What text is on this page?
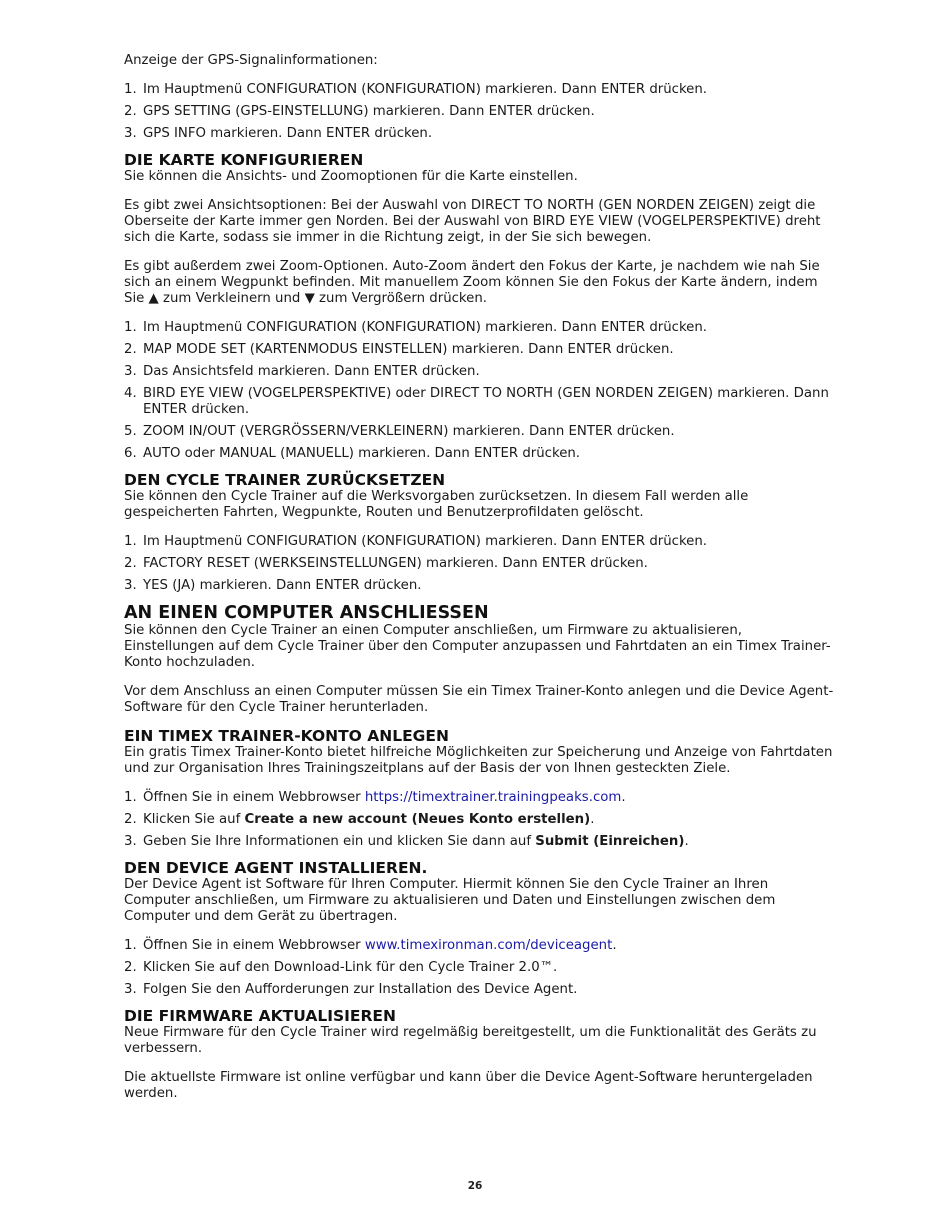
Anzeige der GPS-Signalinformationen:

1. Im Hauptmenü CONFIGURATION (KONFIGURATION) markieren. Dann ENTER drücken.
2. GPS SETTING (GPS-EINSTELLUNG) markieren. Dann ENTER drücken.
3. GPS INFO markieren. Dann ENTER drücken.
DIE KARTE KONFIGURIEREN

Sie können die Ansichts- und Zoomoptionen für die Karte einstellen.

Es gibt zwei Ansichtsoptionen: Bei der Auswahl von DIRECT TO NORTH (GEN NORDEN ZEIGEN) zeigt die Oberseite der Karte immer gen Norden. Bei der Auswahl von BIRD EYE VIEW (VOGELPERSPEKTIVE) dreht sich die Karte, sodass sie immer in die Richtung zeigt, in der Sie sich bewegen.

Es gibt außerdem zwei Zoom-Optionen. Auto-Zoom ändert den Fokus der Karte, je nachdem wie nah Sie sich an einem Wegpunkt befinden. Mit manuellem Zoom können Sie den Fokus der Karte ändern, indem Sie ▲ zum Verkleinern und ▼ zum Vergrößern drücken.

1. Im Hauptmenü CONFIGURATION (KONFIGURATION) markieren. Dann ENTER drücken.
2. MAP MODE SET (KARTENMODUS EINSTELLEN) markieren. Dann ENTER drücken.
3. Das Ansichtsfeld markieren. Dann ENTER drücken.
4. BIRD EYE VIEW (VOGELPERSPEKTIVE) oder DIRECT TO NORTH (GEN NORDEN ZEIGEN) markieren. Dann ENTER drücken.
5. ZOOM IN/OUT (VERGRÖSSERN/VERKLEINERN) markieren. Dann ENTER drücken.
6. AUTO oder MANUAL (MANUELL) markieren. Dann ENTER drücken.
DEN CYCLE TRAINER ZURÜCKSETZEN

Sie können den Cycle Trainer auf die Werksvorgaben zurücksetzen. In diesem Fall werden alle gespeicherten Fahrten, Wegpunkte, Routen und Benutzerprofildaten gelöscht.

1. Im Hauptmenü CONFIGURATION (KONFIGURATION) markieren. Dann ENTER drücken.
2. FACTORY RESET (WERKSEINSTELLUNGEN) markieren. Dann ENTER drücken.
3. YES (JA) markieren. Dann ENTER drücken.
AN EINEN COMPUTER ANSCHLIESSEN

Sie können den Cycle Trainer an einen Computer anschließen, um Firmware zu aktualisieren, Einstellungen auf dem Cycle Trainer über den Computer anzupassen und Fahrtdaten an ein Timex Trainer-Konto hochzuladen.

Vor dem Anschluss an einen Computer müssen Sie ein Timex Trainer-Konto anlegen und die Device Agent-Software für den Cycle Trainer herunterladen.

EIN TIMEX TRAINER-KONTO ANLEGEN

Ein gratis Timex Trainer-Konto bietet hilfreiche Möglichkeiten zur Speicherung und Anzeige von Fahrtdaten und zur Organisation Ihres Trainingszeitplans auf der Basis der von Ihnen gesteckten Ziele.

1. Öffnen Sie in einem Webbrowser https://timextrainer.trainingpeaks.com.
2. Klicken Sie auf Create a new account (Neues Konto erstellen).
3. Geben Sie Ihre Informationen ein und klicken Sie dann auf Submit (Einreichen).
DEN DEVICE AGENT INSTALLIEREN.

Der Device Agent ist Software für Ihren Computer. Hiermit können Sie den Cycle Trainer an Ihren Computer anschließen, um Firmware zu aktualisieren und Daten und Einstellungen zwischen dem Computer und dem Gerät zu übertragen.

1. Öffnen Sie in einem Webbrowser www.timexironman.com/deviceagent.
2. Klicken Sie auf den Download-Link für den Cycle Trainer 2.0™.
3. Folgen Sie den Aufforderungen zur Installation des Device Agent.
DIE FIRMWARE AKTUALISIEREN

Neue Firmware für den Cycle Trainer wird regelmäßig bereitgestellt, um die Funktionalität des Geräts zu verbessern.

Die aktuellste Firmware ist online verfügbar und kann über die Device Agent-Software heruntergeladen werden.

26
